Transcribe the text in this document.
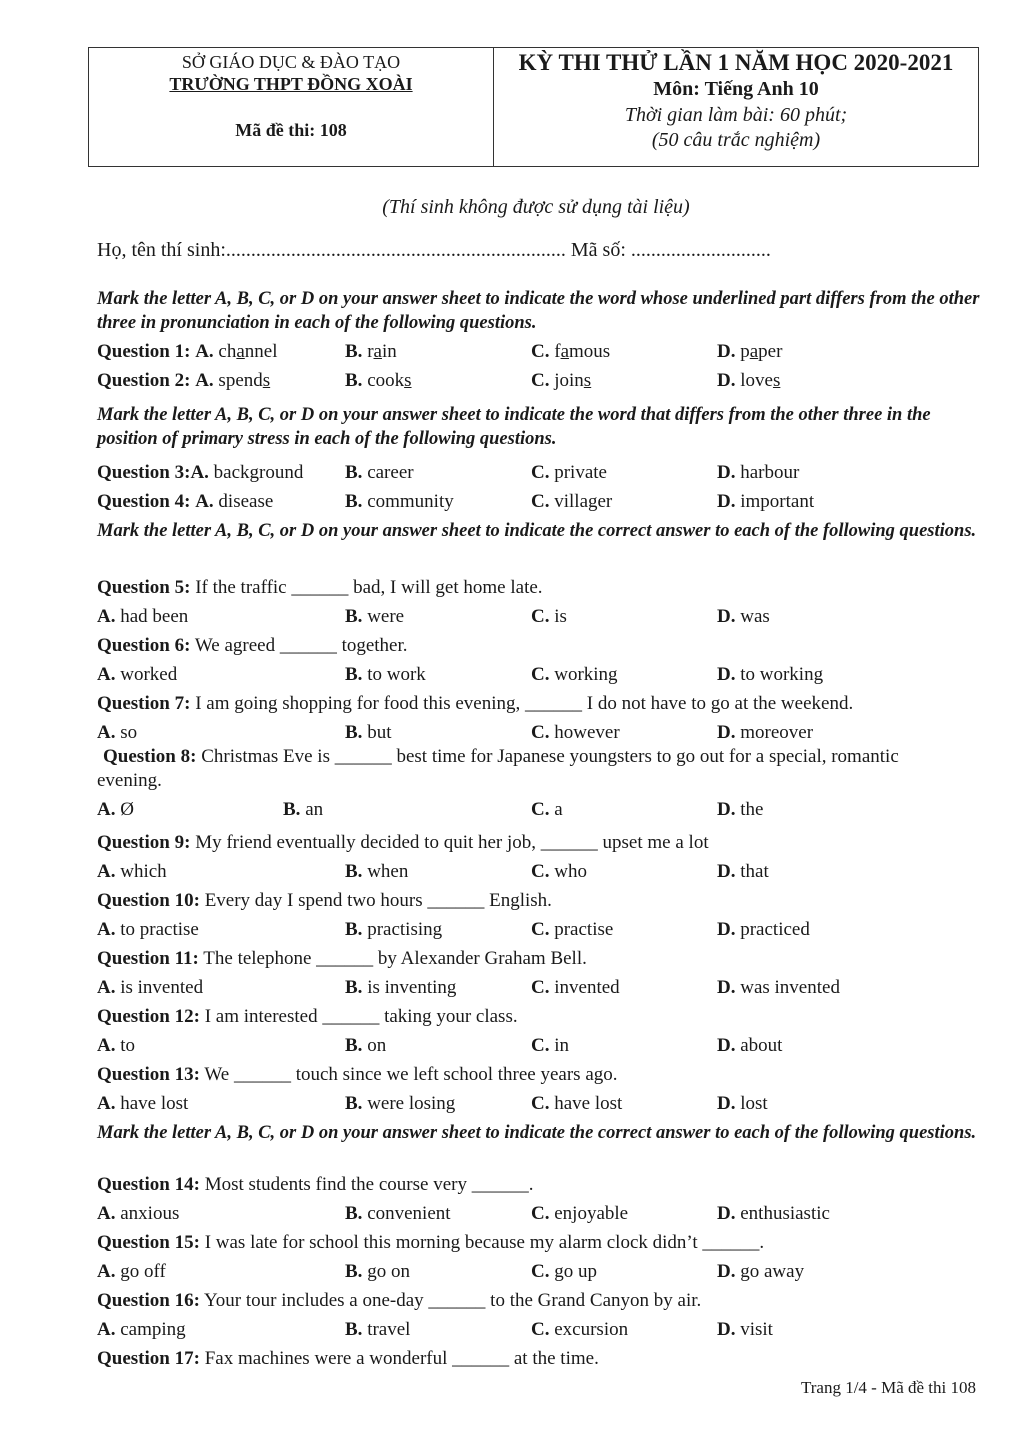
SỞ GIÁO DỤC & ĐÀO TẠO
TRƯỜNG THPT ĐỒNG XOÀI
Mã đề thi: 108
KỲ THI THỬ LẦN 1 NĂM HỌC 2020-2021
Môn: Tiếng Anh 10
Thời gian làm bài: 60 phút;
(50 câu trắc nghiệm)
(Thí sinh không được sử dụng tài liệu)
Họ, tên thí sinh:.................................................................... Mã số: ............................
Mark the letter A, B, C, or D on your answer sheet to indicate the word whose underlined part differs from the other three in pronunciation in each of the following questions.
Question 1: A. channel	B. rain	C. famous	D. paper
Question 2: A. spends	B. cooks	C. joins	D. loves
Mark the letter A, B, C, or D on your answer sheet to indicate the word that differs from the other three in the position of primary stress in each of the following questions.
Question 3:A. background B. career	C. private	D. harbour
Question 4: A. disease	B. community	C. villager	D. important
Mark the letter A, B, C, or D on your answer sheet to indicate the correct answer to each of the following questions.
Question 5: If the traffic ______ bad, I will get home late.
A. had been	B. were	C. is	D. was
Question 6: We agreed ______ together.
A. worked	B. to work	C. working	D. to working
Question 7: I am going shopping for food this evening, ______ I do not have to go at the weekend.
A. so	B. but	C. however	D. moreover
Question 8: Christmas Eve is ______ best time for Japanese youngsters to go out for a special, romantic
evening.
A. Ø	B. an	C. a	D. the
Question 9: My friend eventually decided to quit her job, ______ upset me a lot
A. which	B. when	C. who	D. that
Question 10: Every day I spend two hours ______ English.
A. to practise	B. practising	C. practise	D. practiced
Question 11: The telephone ______ by Alexander Graham Bell.
A. is invented	B. is inventing	C. invented	D. was invented
Question 12: I am interested ______ taking your class.
A. to	B. on	C. in	D. about
Question 13: We ______ touch since we left school three years ago.
A. have lost	B. were losing	C. have lost	D. lost
Mark the letter A, B, C, or D on your answer sheet to indicate the correct answer to each of the following questions.
Question 14: Most students find the course very ______.
A. anxious	B. convenient	C. enjoyable	D. enthusiastic
Question 15: I was late for school this morning because my alarm clock didn’t ______.
A. go off	B. go on	C. go up	D. go away
Question 16: Your tour includes a one-day ______ to the Grand Canyon by air.
A. camping	B. travel	C. excursion	D. visit
Question 17: Fax machines were a wonderful ______ at the time.
Trang 1/4 - Mã đề thi 108
